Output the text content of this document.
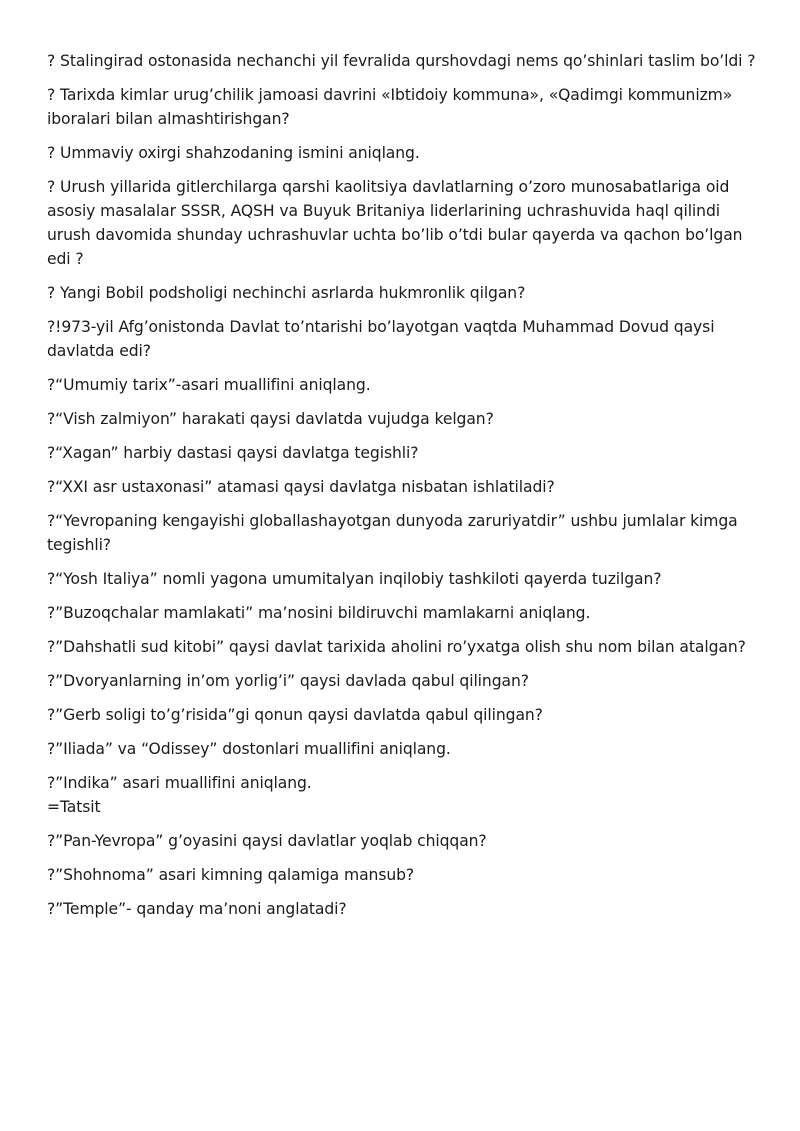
? Stalingirad ostonasida nechanchi yil fevralida qurshovdagi nems qo’shinlari taslim bo’ldi ?

? Tarixda kimlar urug’chilik jamoasi davrini «Ibtidoiy kommuna», «Qadimgi kommunizm» iboralari bilan almashtirishgan?

? Ummaviy oxirgi shahzodaning ismini aniqlang.

? Urush yillarida gitlerchilarga qarshi kaolitsiya davlatlarning o’zoro munosabatlariga oid asosiy masalalar SSSR, AQSH va Buyuk Britaniya liderlarining uchrashuvida haql qilindi urush davomida shunday uchrashuvlar uchta bo’lib o’tdi bular qayerda va qachon bo’lgan edi ?

? Yangi Bobil podsholigi nechinchi asrlarda hukmronlik qilgan?

?!973-yil Afg’onistonda Davlat to’ntarishi bo’layotgan vaqtda Muhammad Dovud qaysi davlatda edi?

?“Umumiy tarix”-asari muallifini aniqlang.

?“Vish zalmiyon” harakati qaysi davlatda vujudga kelgan?

?“Xagan” harbiy dastasi qaysi davlatga tegishli?

?“XXI asr ustaxonasi” atamasi qaysi davlatga nisbatan ishlatiladi?

?“Yevropaning kengayishi globallashayotgan dunyoda zaruriyatdir” ushbu jumlalar kimga tegishli?

?“Yosh Italiya” nomli yagona umumitalyan inqilobiy tashkiloti qayerda tuzilgan?

?”Buzoqchalar mamlakati” ma’nosini bildiruvchi mamlakarni aniqlang.

?”Dahshatli sud kitobi” qaysi davlat tarixida aholini ro’yxatga olish shu nom bilan atalgan?

?”Dvoryanlarning in’om yorlig’i” qaysi davlada qabul qilingan?

?”Gerb soligi to’g’risida”gi qonun qaysi davlatda qabul qilingan?

?”Iliada” va “Odissey” dostonlari muallifini aniqlang.

?”Indika” asari muallifini aniqlang.
=Tatsit

?”Pan-Yevropa” g’oyasini qaysi davlatlar yoqlab chiqqan?

?”Shohnoma” asari kimning qalamiga mansub?

?”Temple”- qanday ma’noni anglatadi?
